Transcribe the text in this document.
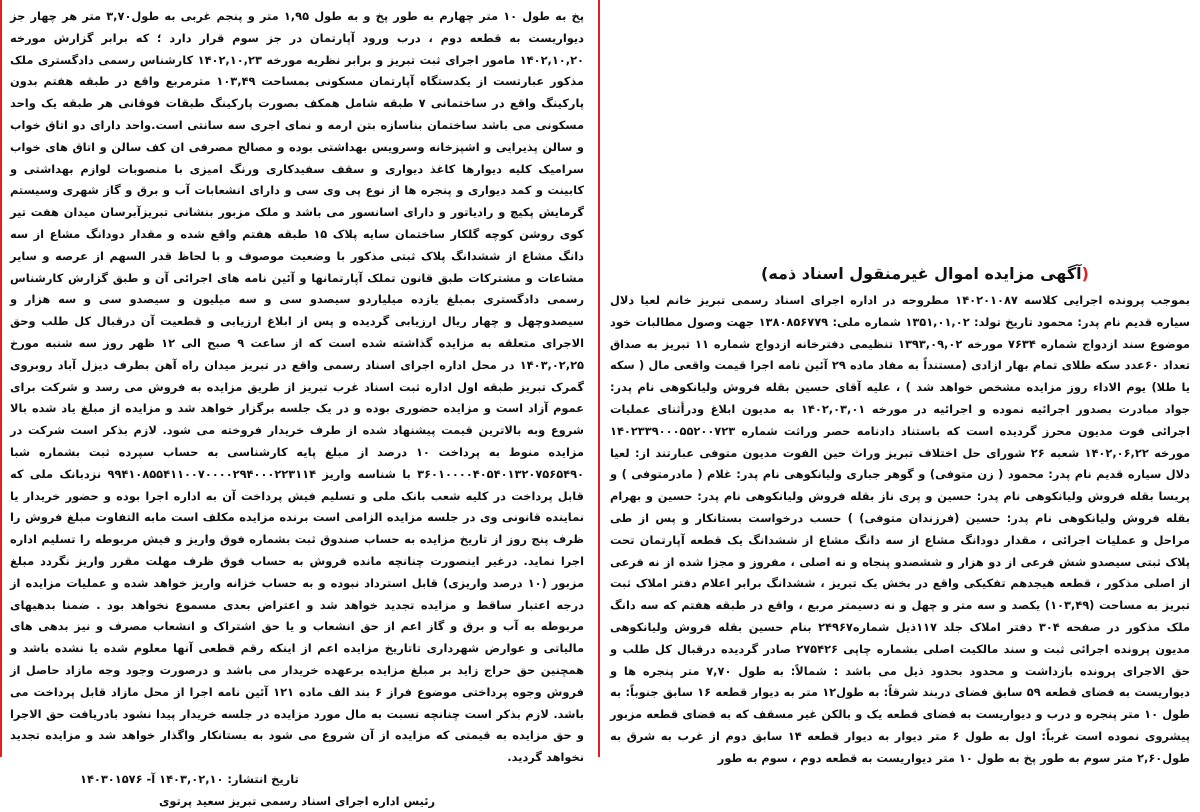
پخ به طول ۱۰ متر چهارم به طور پخ و به طول ۱,۹۵ متر و پنجم غربی به طول۳,۷۰ متر هر چهار جز دیواریست به قطعه دوم ، درب ورود آپارتمان در جز سوم قرار دارد ؛ که برابر گزارش مورخه ۱۴۰۲,۱۰,۲۰ مامور اجرای ثبت تبریز و برابر نظریه مورخه ۱۴۰۲,۱۰,۲۳ کارشناس رسمی دادگستری ملک مذکور عبارتست از یکدستگاه آپارتمان مسکونی بمساحت ۱۰۳,۴۹ مترمربع واقع در طبقه هفتم بدون پارکینگ واقع در ساختمانی ۷ طبقه شامل همکف بصورت پارکینگ طبقات فوقانی هر طبقه یک واحد مسکونی می باشد ساختمان بناسازه بتن ارمه و نمای اجری سه سانتی است.واحد دارای دو اتاق خواب و سالن پذیرایی و اشپزخانه وسرویس بهداشتی بوده و مصالح مصرفی ان کف سالن و اتاق های خواب سرامیک کلیه دیوارها کاغذ دیواری و سقف سفیدکاری ورنگ امیزی با منصوبات لوازم بهداشتی و کابینت و کمد دیواری و پنجره ها از نوع پی وی سی و دارای انشعابات آب و برق و گاز شهری وسیستم گرمایش پکیچ و رادیاتور و دارای اسانسور می باشد و ملک مزبور بنشانی تبریزآبرسان میدان هفت تیر کوی روشن کوچه گلکار ساختمان سایه پلاک ۱۵ طبقه هفتم واقع شده و مقدار دودانگ مشاع از سه دانگ مشاع از ششدانگ پلاک ثبتی مذکور با وضعیت موصوف و با لحاظ قدر السهم از عرصه و سایر مشاعات و مشترکات طبق قانون تملک آپارتمانها و آئین نامه های اجرائی آن و طبق گزارش کارشناس رسمی دادگستری بمبلغ یازده میلیاردو سیصدو سی و سه میلیون و سیصدو سی و سه هزار و سیصدوچهل و چهار ریال ارزیابی گردیده و پس از ابلاغ ارزیابی و قطعیت آن درقبال کل طلب وحق الاجرای متعلقه به مزایده گذاشته شده است که از ساعت ۹ صبح الی ۱۲ ظهر روز سه شنبه مورخ ۱۴۰۳,۰۲,۲۵ در محل اداره اجرای اسناد رسمی واقع در تبریز میدان راه آهن بطرف دیزل آباد روبروی گمرک تبریز طبقه اول اداره ثبت اسناد غرب تبریز از طریق مزایده به فروش می رسد و شرکت برای عموم آزاد است و مزایده حضوری بوده و در یک جلسه برگزار خواهد شد و مزایده از مبلغ یاد شده بالا شروع وبه بالاترین قیمت پیشنهاد شده از طرف خریدار فروخته می شود. لازم بذکر است شرکت در مزایده منوط به پرداخت ۱۰ درصد از مبلغ پایه کارشناسی به حساب سپرده ثبت بشماره شبا ۳۶۰۱۰۰۰۰۴۰۵۴۰۱۳۲۰۷۵۶۵۴۹۰ با شناسه واریز ۹۹۴۱۰۸۵۵۴۱۱۰۰۷۰۰۰۰۲۹۴۰۰۰۲۲۳۱۱۴ نزدبانک ملی که قابل پرداخت در کلیه شعب بانک ملی و تسلیم فیش پرداخت آن به اداره اجرا بوده و حضور خریدار یا نماینده قانونی وی در جلسه مزایده الزامی است برنده مزایده مکلف است مابه التفاوت مبلغ فروش را ظرف پنج روز از تاریخ مزایده به حساب صندوق ثبت بشماره فوق واریز و فیش مربوطه را تسلیم اداره اجرا نماید. درغیر اینصورت چنانچه مانده فروش به حساب فوق ظرف مهلت مقرر واریز نگردد مبلغ مزبور (۱۰ درصد واریزی) قابل استرداد نبوده و به حساب خزانه واریز خواهد شده و عملیات مزایده از درجه اعتبار ساقط و مزایده تجدید خواهد شد و اعتراض بعدی مسموع نخواهد بود . ضمنا بدهیهای مربوطه به آب و برق و گاز اعم از حق انشعاب و یا حق اشتراک و انشعاب مصرف و نیز بدهی های مالیاتی و عوارض شهرداری تاتاریخ مزایده اعم از اینکه رقم قطعی آنها معلوم شده یا نشده باشد و همچنین حق حراج زاید بر مبلغ مزایده برعهده خریدار می باشد و درصورت وجود وجه مازاد حاصل از فروش وجوه پرداختی موضوع فراز ۶ بند الف ماده ۱۲۱ آئین نامه اجرا از محل مازاد قابل پرداخت می باشد. لازم بذکر است چنانچه نسبت به مال مورد مزایده در جلسه خریدار پیدا نشود بادریافت حق الاجرا و حق مزایده به قیمتی که مزایده از آن شروع می شود به بستانکار واگذار خواهد شد و مزایده تجدید نخواهد گردید.

تاریخ انتشار: ۱۴۰۳,۰۲,۱۰ آ- ۱۴۰۳۰۱۵۷۶

رئیس اداره اجرای اسناد رسمی تبریز سعید پرتوی

(آگهی مزایده اموال غیرمنقول اسناد ذمه)

بموجب پرونده اجرایی کلاسه ۱۴۰۲۰۱۰۸۷ مطروحه در اداره اجرای اسناد رسمی تبریز خانم لعیا دلال سیاره قدیم نام پدر: محمود تاریخ تولد: ۱۳۵۱,۰۱,۰۲ شماره ملی: ۱۳۸۰۸۵۶۷۷۹ جهت وصول مطالبات خود موضوع سند ازدواج شماره ۷۶۳۴ مورخه ۱۳۹۳,۰۹,۰۲ تنظیمی دفترخانه ازدواج شماره ۱۱ تبریز به صداق تعداد ۶۰عدد سکه طلای تمام بهار ازادی (مستنداً به مفاد ماده ۲۹ آئین نامه اجرا قیمت واقعی مال ( سکه یا طلا) یوم الاداء روز مزایده مشخص خواهد شد ) ، علیه آقای حسین بقله فروش ولیانکوهی نام پدر: جواد مبادرت بصدور اجرائیه نموده و اجرائیه در مورخه ۱۴۰۲,۰۳,۰۱ به مدیون ابلاغ ودرأثنای عملیات اجرائی فوت مدیون محرز گردیده است که باستناد دادنامه حصر وراثت شماره ۱۴۰۲۳۳۹۰۰۰۵۵۲۰۰۷۲۳ مورخه ۱۴۰۲,۰۶,۲۲ شعبه ۲۶ شورای حل اختلاف تبریز وراث حین الفوت مدیون متوفی عبارتند از: لعیا دلال سیاره قدیم نام پدر: محمود ( زن متوفی) و گوهر جباری ولیانکوهی نام پدر: غلام ( مادرمتوفی ) و پریسا بقله فروش ولیانکوهی نام پدر: حسین و پری ناز بقله فروش ولیانکوهی نام پدر: حسین و بهرام بقله فروش ولیانکوهی نام پدر: حسین (فرزندان متوفی) ) حسب درخواست بستانکار و پس از طی مراحل و عملیات اجرائی ، مقدار دودانگ مشاع از سه دانگ مشاع از ششدانگ یک قطعه آپارتمان تحت پلاک ثبتی سیصدو شش فرعی از دو هزار و ششصدو پنجاه و نه اصلی ، مفروز و مجزا شده از نه فرعی از اصلی مذکور ، قطعه هیجدهم تفکیکی واقع در بخش یک تبریز ، ششدانگ برابر اعلام دفتر املاک ثبت تبریز به مساحت (۱۰۳,۴۹) یکصد و سه متر و چهل و نه دسیمتر مربع ، واقع در طبقه هفتم که سه دانگ ملک مذکور در صفحه ۳۰۴ دفتر املاک جلد ۱۱۷ذیل شماره۲۴۹۶۷ بنام حسین بقله فروش ولیانکوهی مدیون پرونده اجرائی ثبت و سند مالکیت اصلی بشماره چاپی ۲۷۵۴۲۶ صادر گردیده درقبال کل طلب و حق الاجرای پرونده بازداشت و محدود بحدود ذیل می باشد : شمالاً: به طول ۷,۷۰ متر پنجره ها و دیواریست به فضای قطعه ۵۹ سابق فضای دربند شرقاً: به طول۱۲ متر به دیوار قطعه ۱۶ سابق جنوباً: به طول ۱۰ متر پنجره و درب و دیواریست به فضای قطعه یک و بالکن غیر مسقف که به فضای قطعه مزبور پیشروی نموده است غرباً: اول به طول ۶ متر دیوار به دیوار قطعه ۱۴ سابق دوم از غرب به شرق به طول۲,۶۰ متر سوم به طور پخ به طول ۱۰ متر دیواریست به قطعه دوم ، سوم به طور
